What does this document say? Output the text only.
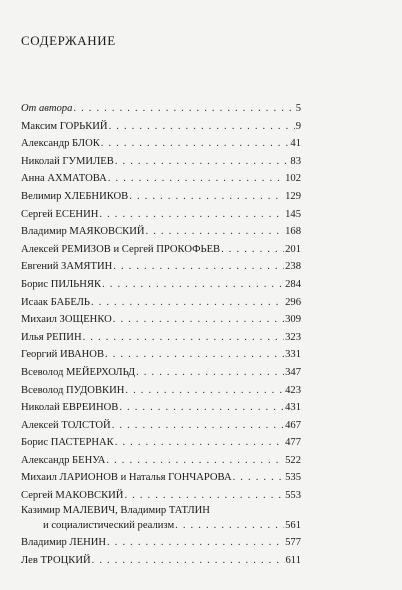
СОДЕРЖАНИЕ
От автора . . .	5
Максим ГОРЬКИЙ . . .	9
Александр БЛОК . . .	41
Николай ГУМИЛЕВ . . .	83
Анна АХМАТОВА . . .	102
Велимир ХЛЕБНИКОВ . . .	129
Сергей ЕСЕНИН . . .	145
Владимир МАЯКОВСКИЙ . . .	168
Алексей РЕМИЗОВ и Сергей ПРОКОФЬЕВ . . .	201
Евгений ЗАМЯТИН . . .	238
Борис ПИЛЬНЯК . . .	284
Исаак БАБЕЛЬ . . .	296
Михаил ЗОЩЕНКО . . .	309
Илья РЕПИН . . .	323
Георгий ИВАНОВ . . .	331
Всеволод МЕЙЕРХОЛЬД . . .	347
Всеволод ПУДОВКИН . . .	423
Николай ЕВРЕИНОВ . . .	431
Алексей ТОЛСТОЙ . . .	467
Борис ПАСТЕРНАК . . .	477
Александр БЕНУА . . .	522
Михаил ЛАРИОНОВ и Наталья ГОНЧАРОВА . . .	535
Сергей МАКОВСКИЙ . . .	553
Казимир МАЛЕВИЧ, Владимир ТАТЛИН
и социалистический реализм . . .	561
Владимир ЛЕНИН . . .	577
Лев ТРОЦКИЙ . . .	611
